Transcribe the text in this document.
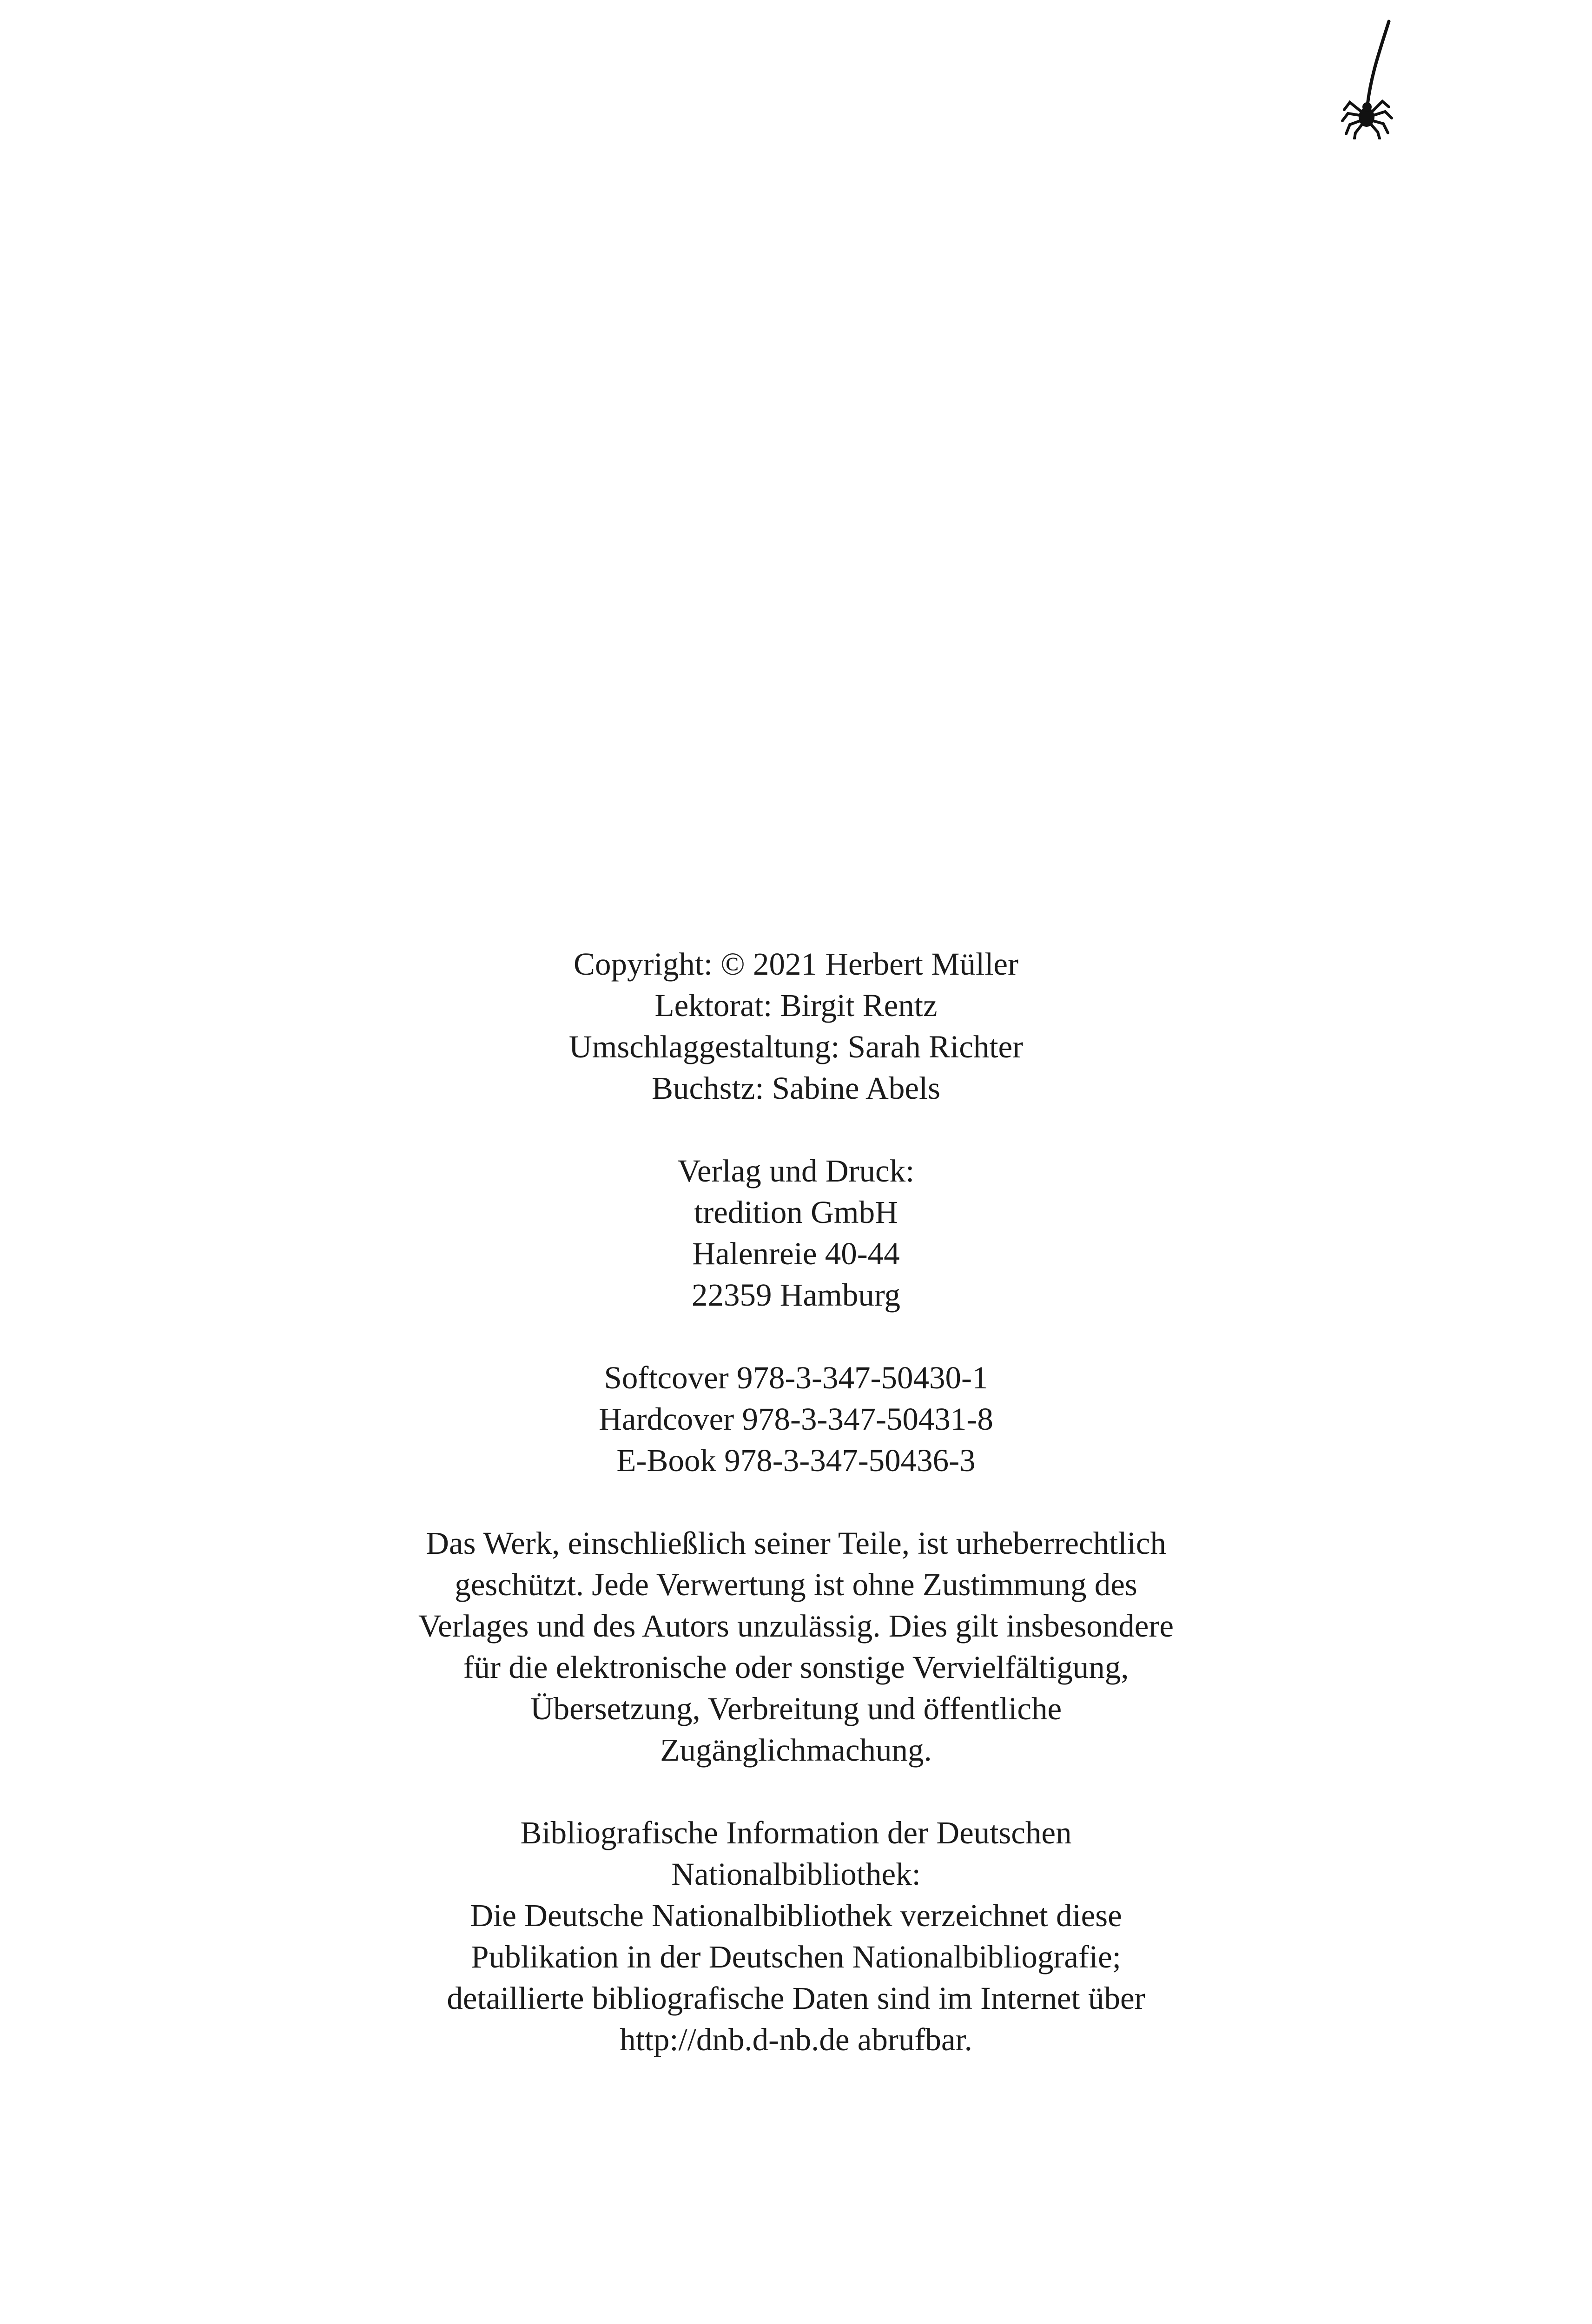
Copyright: © 2021 Herbert Müller
Lektorat: Birgit Rentz
Umschlaggestaltung: Sarah Richter
Buchstz: Sabine Abels
Verlag und Druck:
tredition GmbH
Halenreie 40-44
22359 Hamburg
Softcover 978-3-347-50430-1
Hardcover 978-3-347-50431-8
E-Book 978-3-347-50436-3
Das Werk, einschließlich seiner Teile, ist urheberrechtlich
geschützt. Jede Verwertung ist ohne Zustimmung des
Verlages und des Autors unzulässig. Dies gilt insbesondere
für die elektronische oder sonstige Vervielfältigung,
Übersetzung, Verbreitung und öffentliche
Zugänglichmachung.
Bibliografische Information der Deutschen
Nationalbibliothek:
Die Deutsche Nationalbibliothek verzeichnet diese
Publikation in der Deutschen Nationalbibliografie;
detaillierte bibliografische Daten sind im Internet über
http://dnb.d-nb.de abrufbar.
